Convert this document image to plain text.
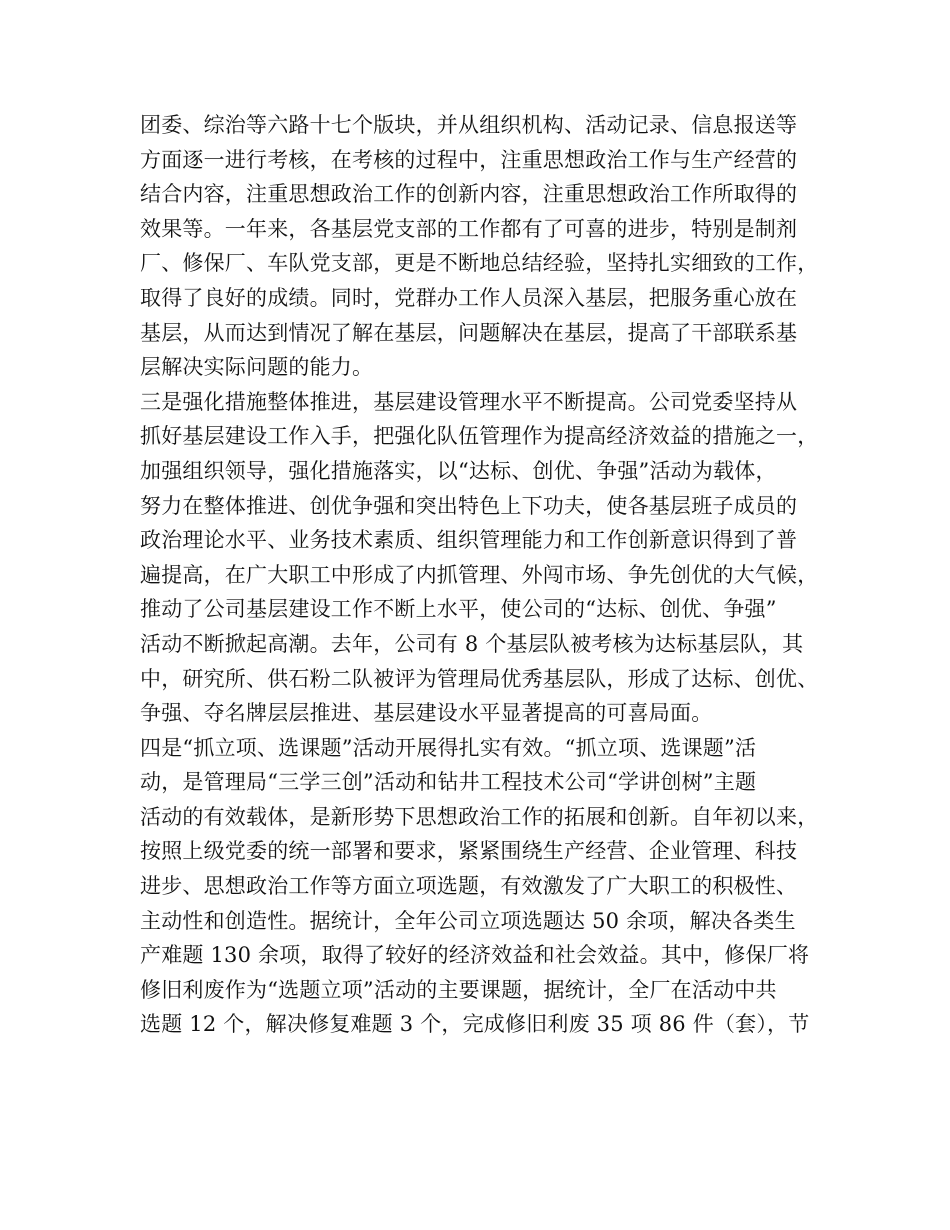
团委、综治等六路十七个版块，并从组织机构、活动记录、信息报送等
方面逐一进行考核，在考核的过程中，注重思想政治工作与生产经营的
结合内容，注重思想政治工作的创新内容，注重思想政治工作所取得的
效果等。一年来，各基层党支部的工作都有了可喜的进步，特别是制剂
厂、修保厂、车队党支部，更是不断地总结经验，坚持扎实细致的工作，
取得了良好的成绩。同时，党群办工作人员深入基层，把服务重心放在
基层，从而达到情况了解在基层，问题解决在基层，提高了干部联系基
层解决实际问题的能力。
三是强化措施整体推进，基层建设管理水平不断提高。公司党委坚持从
抓好基层建设工作入手，把强化队伍管理作为提高经济效益的措施之一，
加强组织领导，强化措施落实，以“达标、创优、争强”活动为载体，
努力在整体推进、创优争强和突出特色上下功夫，使各基层班子成员的
政治理论水平、业务技术素质、组织管理能力和工作创新意识得到了普
遍提高，在广大职工中形成了内抓管理、外闯市场、争先创优的大气候，
推动了公司基层建设工作不断上水平，使公司的“达标、创优、争强”
活动不断掀起高潮。去年，公司有 8 个基层队被考核为达标基层队，其
中，研究所、供石粉二队被评为管理局优秀基层队，形成了达标、创优、
争强、夺名牌层层推进、基层建设水平显著提高的可喜局面。
四是“抓立项、选课题”活动开展得扎实有效。“抓立项、选课题”活
动，是管理局“三学三创”活动和钻井工程技术公司“学讲创树”主题
活动的有效载体，是新形势下思想政治工作的拓展和创新。自年初以来，
按照上级党委的统一部署和要求，紧紧围绕生产经营、企业管理、科技
进步、思想政治工作等方面立项选题，有效激发了广大职工的积极性、
主动性和创造性。据统计，全年公司立项选题达 50 余项，解决各类生
产难题 130 余项，取得了较好的经济效益和社会效益。其中，修保厂将
修旧利废作为“选题立项”活动的主要课题，据统计，全厂在活动中共
选题 12 个，解决修复难题 3 个，完成修旧利废 35 项 86 件（套），节
